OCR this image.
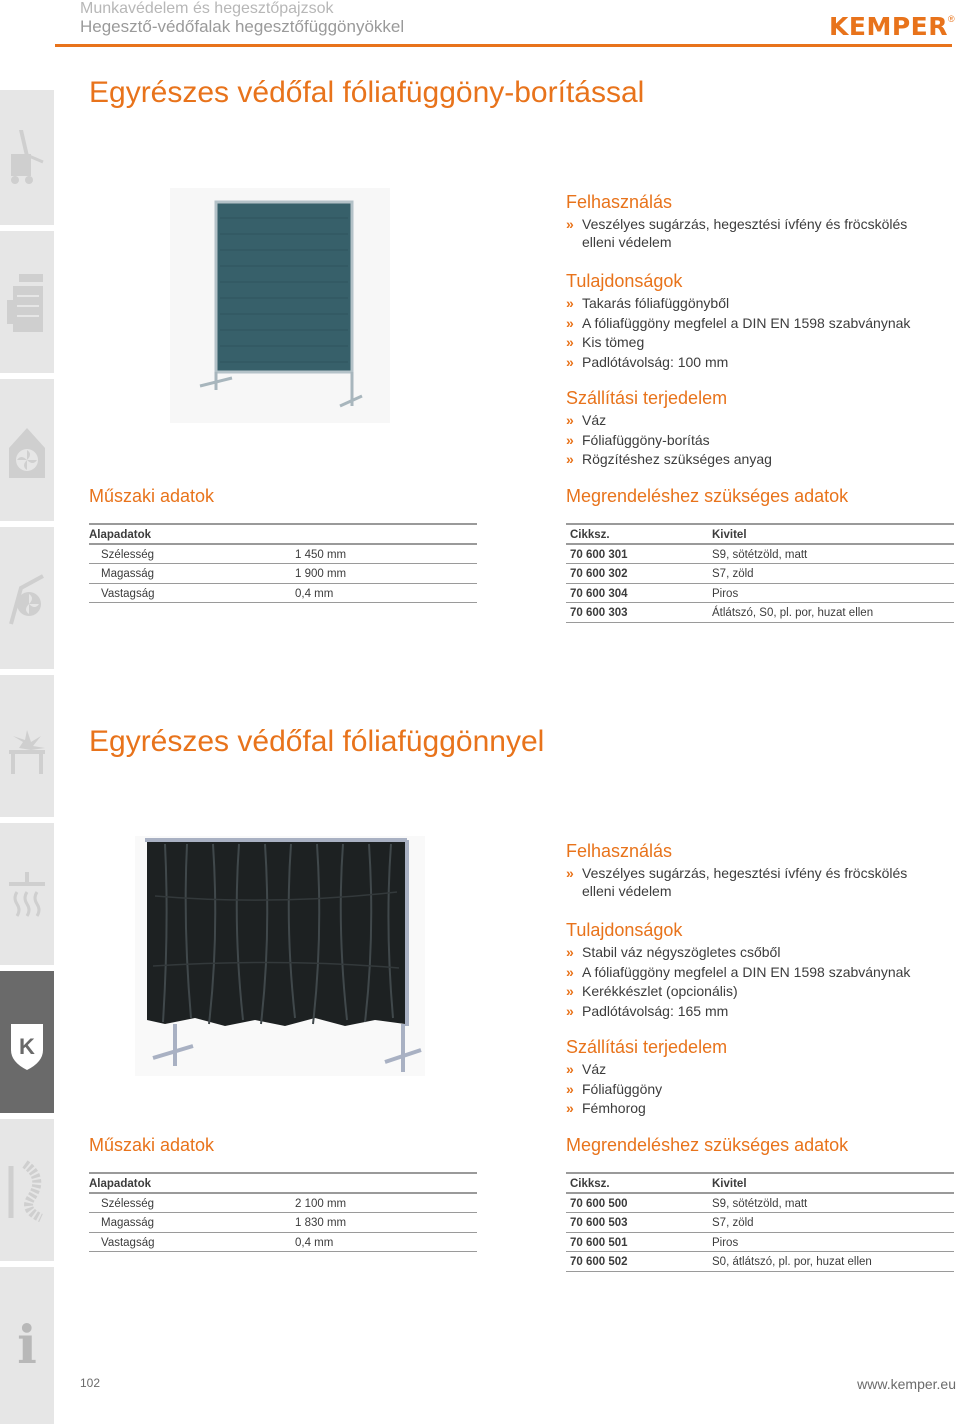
Munkavédelem és hegesztőpajzsok
Hegesztő-védőfalak hegesztőfüggönyökkel	KEMPER ®
K
i
Egyrészes védőfal fóliafüggöny-borítással
Felhasználás
» Veszélyes sugárzás, hegesztési ívfény és fröcskölés elleni védelem
Tulajdonságok
» Takarás fóliafüggönyből
» A fóliafüggöny megfelel a DIN EN 1598 szabványnak
» Kis tömeg
» Padlótávolság: 100 mm
Szállítási terjedelem
» Váz
» Fóliafüggöny-borítás
» Rögzítéshez szükséges anyag
Műszaki adatok	Megrendeléshez szükséges adatok
Alapadatok
Szélesség	1 450 mm
Magasság	1 900 mm
Vastagság	0,4 mm
Cikksz.	Kivitel
70 600 301	S9, sötétzöld, matt
70 600 302	S7, zöld
70 600 304	Piros
70 600 303	Átlátszó, S0, pl. por, huzat ellen
Egyrészes védőfal fóliafüggönnyel
Felhasználás
» Veszélyes sugárzás, hegesztési ívfény és fröcskölés elleni védelem
Tulajdonságok
» Stabil váz négyszögletes csőből
» A fóliafüggöny megfelel a DIN EN 1598 szabványnak
» Kerékkészlet (opcionális)
» Padlótávolság: 165 mm
Szállítási terjedelem
» Váz
» Fóliafüggöny
» Fémhorog
Műszaki adatok	Megrendeléshez szükséges adatok
Alapadatok
Szélesség	2 100 mm
Magasság	1 830 mm
Vastagság	0,4 mm
Cikksz.	Kivitel
70 600 500	S9, sötétzöld, matt
70 600 503	S7, zöld
70 600 501	Piros
70 600 502	S0, átlátszó, pl. por, huzat ellen
102	www.kemper.eu
